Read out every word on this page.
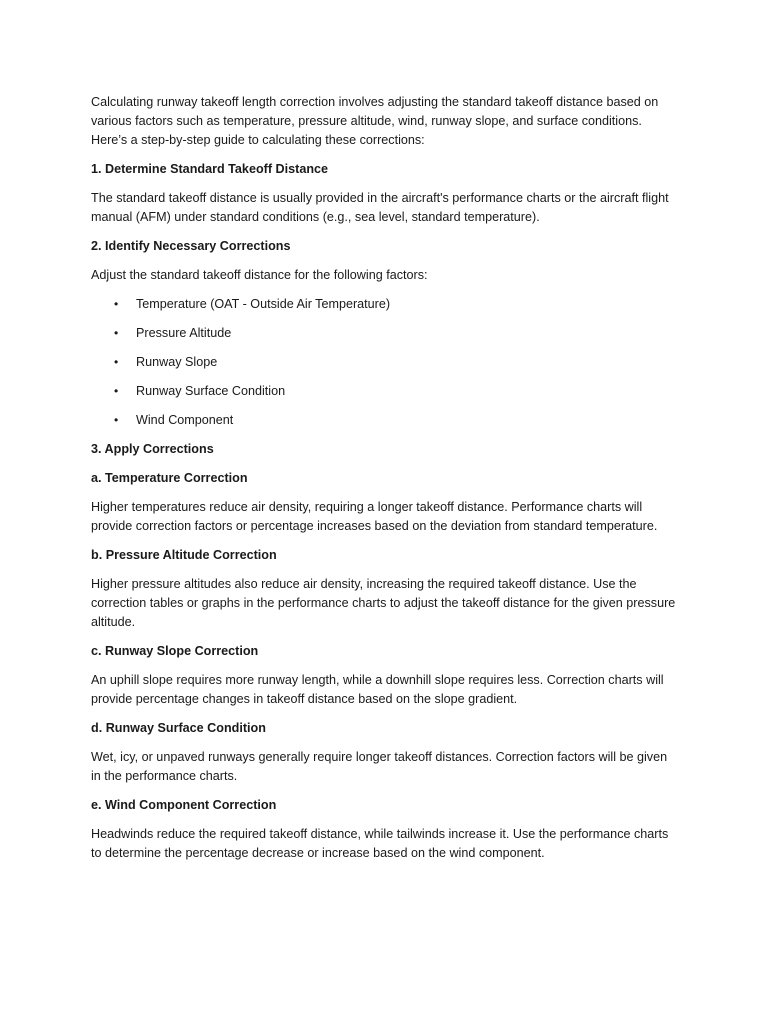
Calculating runway takeoff length correction involves adjusting the standard takeoff distance based on various factors such as temperature, pressure altitude, wind, runway slope, and surface conditions. Here’s a step-by-step guide to calculating these corrections:

1. Determine Standard Takeoff Distance

The standard takeoff distance is usually provided in the aircraft's performance charts or the aircraft flight manual (AFM) under standard conditions (e.g., sea level, standard temperature).

2. Identify Necessary Corrections

Adjust the standard takeoff distance for the following factors:

• Temperature (OAT - Outside Air Temperature)
• Pressure Altitude
• Runway Slope
• Runway Surface Condition
• Wind Component

3. Apply Corrections

a. Temperature Correction

Higher temperatures reduce air density, requiring a longer takeoff distance. Performance charts will provide correction factors or percentage increases based on the deviation from standard temperature.

b. Pressure Altitude Correction

Higher pressure altitudes also reduce air density, increasing the required takeoff distance. Use the correction tables or graphs in the performance charts to adjust the takeoff distance for the given pressure altitude.

c. Runway Slope Correction

An uphill slope requires more runway length, while a downhill slope requires less. Correction charts will provide percentage changes in takeoff distance based on the slope gradient.

d. Runway Surface Condition

Wet, icy, or unpaved runways generally require longer takeoff distances. Correction factors will be given in the performance charts.

e. Wind Component Correction

Headwinds reduce the required takeoff distance, while tailwinds increase it. Use the performance charts to determine the percentage decrease or increase based on the wind component.
